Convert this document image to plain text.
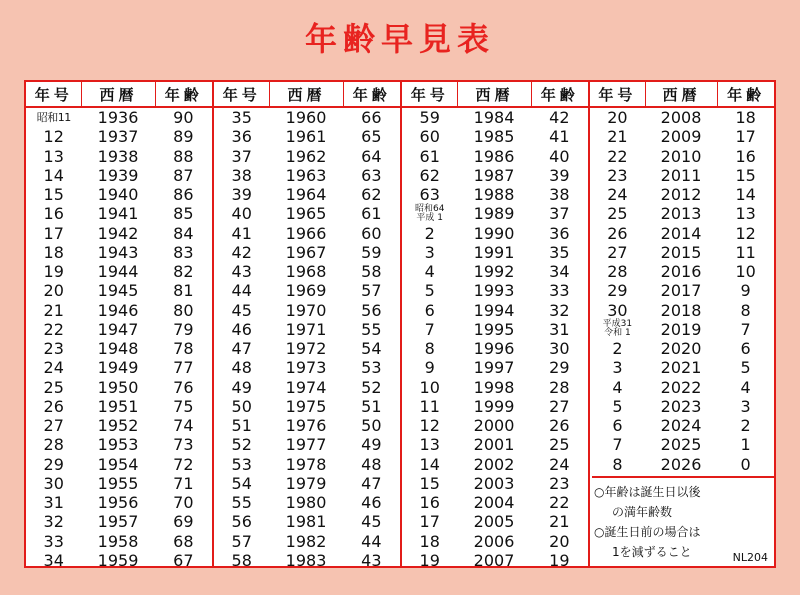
年齢早見表
年号	西暦	年齢
昭和11	1936	90
12	1937	89
13	1938	88
14	1939	87
15	1940	86
16	1941	85
17	1942	84
18	1943	83
19	1944	82
20	1945	81
21	1946	80
22	1947	79
23	1948	78
24	1949	77
25	1950	76
26	1951	75
27	1952	74
28	1953	73
29	1954	72
30	1955	71
31	1956	70
32	1957	69
33	1958	68
34	1959	67
年号	西暦	年齢
35	1960	66
36	1961	65
37	1962	64
38	1963	63
39	1964	62
40	1965	61
41	1966	60
42	1967	59
43	1968	58
44	1969	57
45	1970	56
46	1971	55
47	1972	54
48	1973	53
49	1974	52
50	1975	51
51	1976	50
52	1977	49
53	1978	48
54	1979	47
55	1980	46
56	1981	45
57	1982	44
58	1983	43
年号	西暦	年齢
59	1984	42
60	1985	41
61	1986	40
62	1987	39
63	1988	38
昭和64
平成 1	1989	37
2	1990	36
3	1991	35
4	1992	34
5	1993	33
6	1994	32
7	1995	31
8	1996	30
9	1997	29
10	1998	28
11	1999	27
12	2000	26
13	2001	25
14	2002	24
15	2003	23
16	2004	22
17	2005	21
18	2006	20
19	2007	19
年号	西暦	年齢
20	2008	18
21	2009	17
22	2010	16
23	2011	15
24	2012	14
25	2013	13
26	2014	12
27	2015	11
28	2016	10
29	2017	9
30	2018	8
平成31
令和 1	2019	7
2	2020	6
3	2021	5
4	2022	4
5	2023	3
6	2024	2
7	2025	1
8	2026	0
○年齢は誕生日以後
の満年齢数
○誕生日前の場合は
1を減ずること	NL204
